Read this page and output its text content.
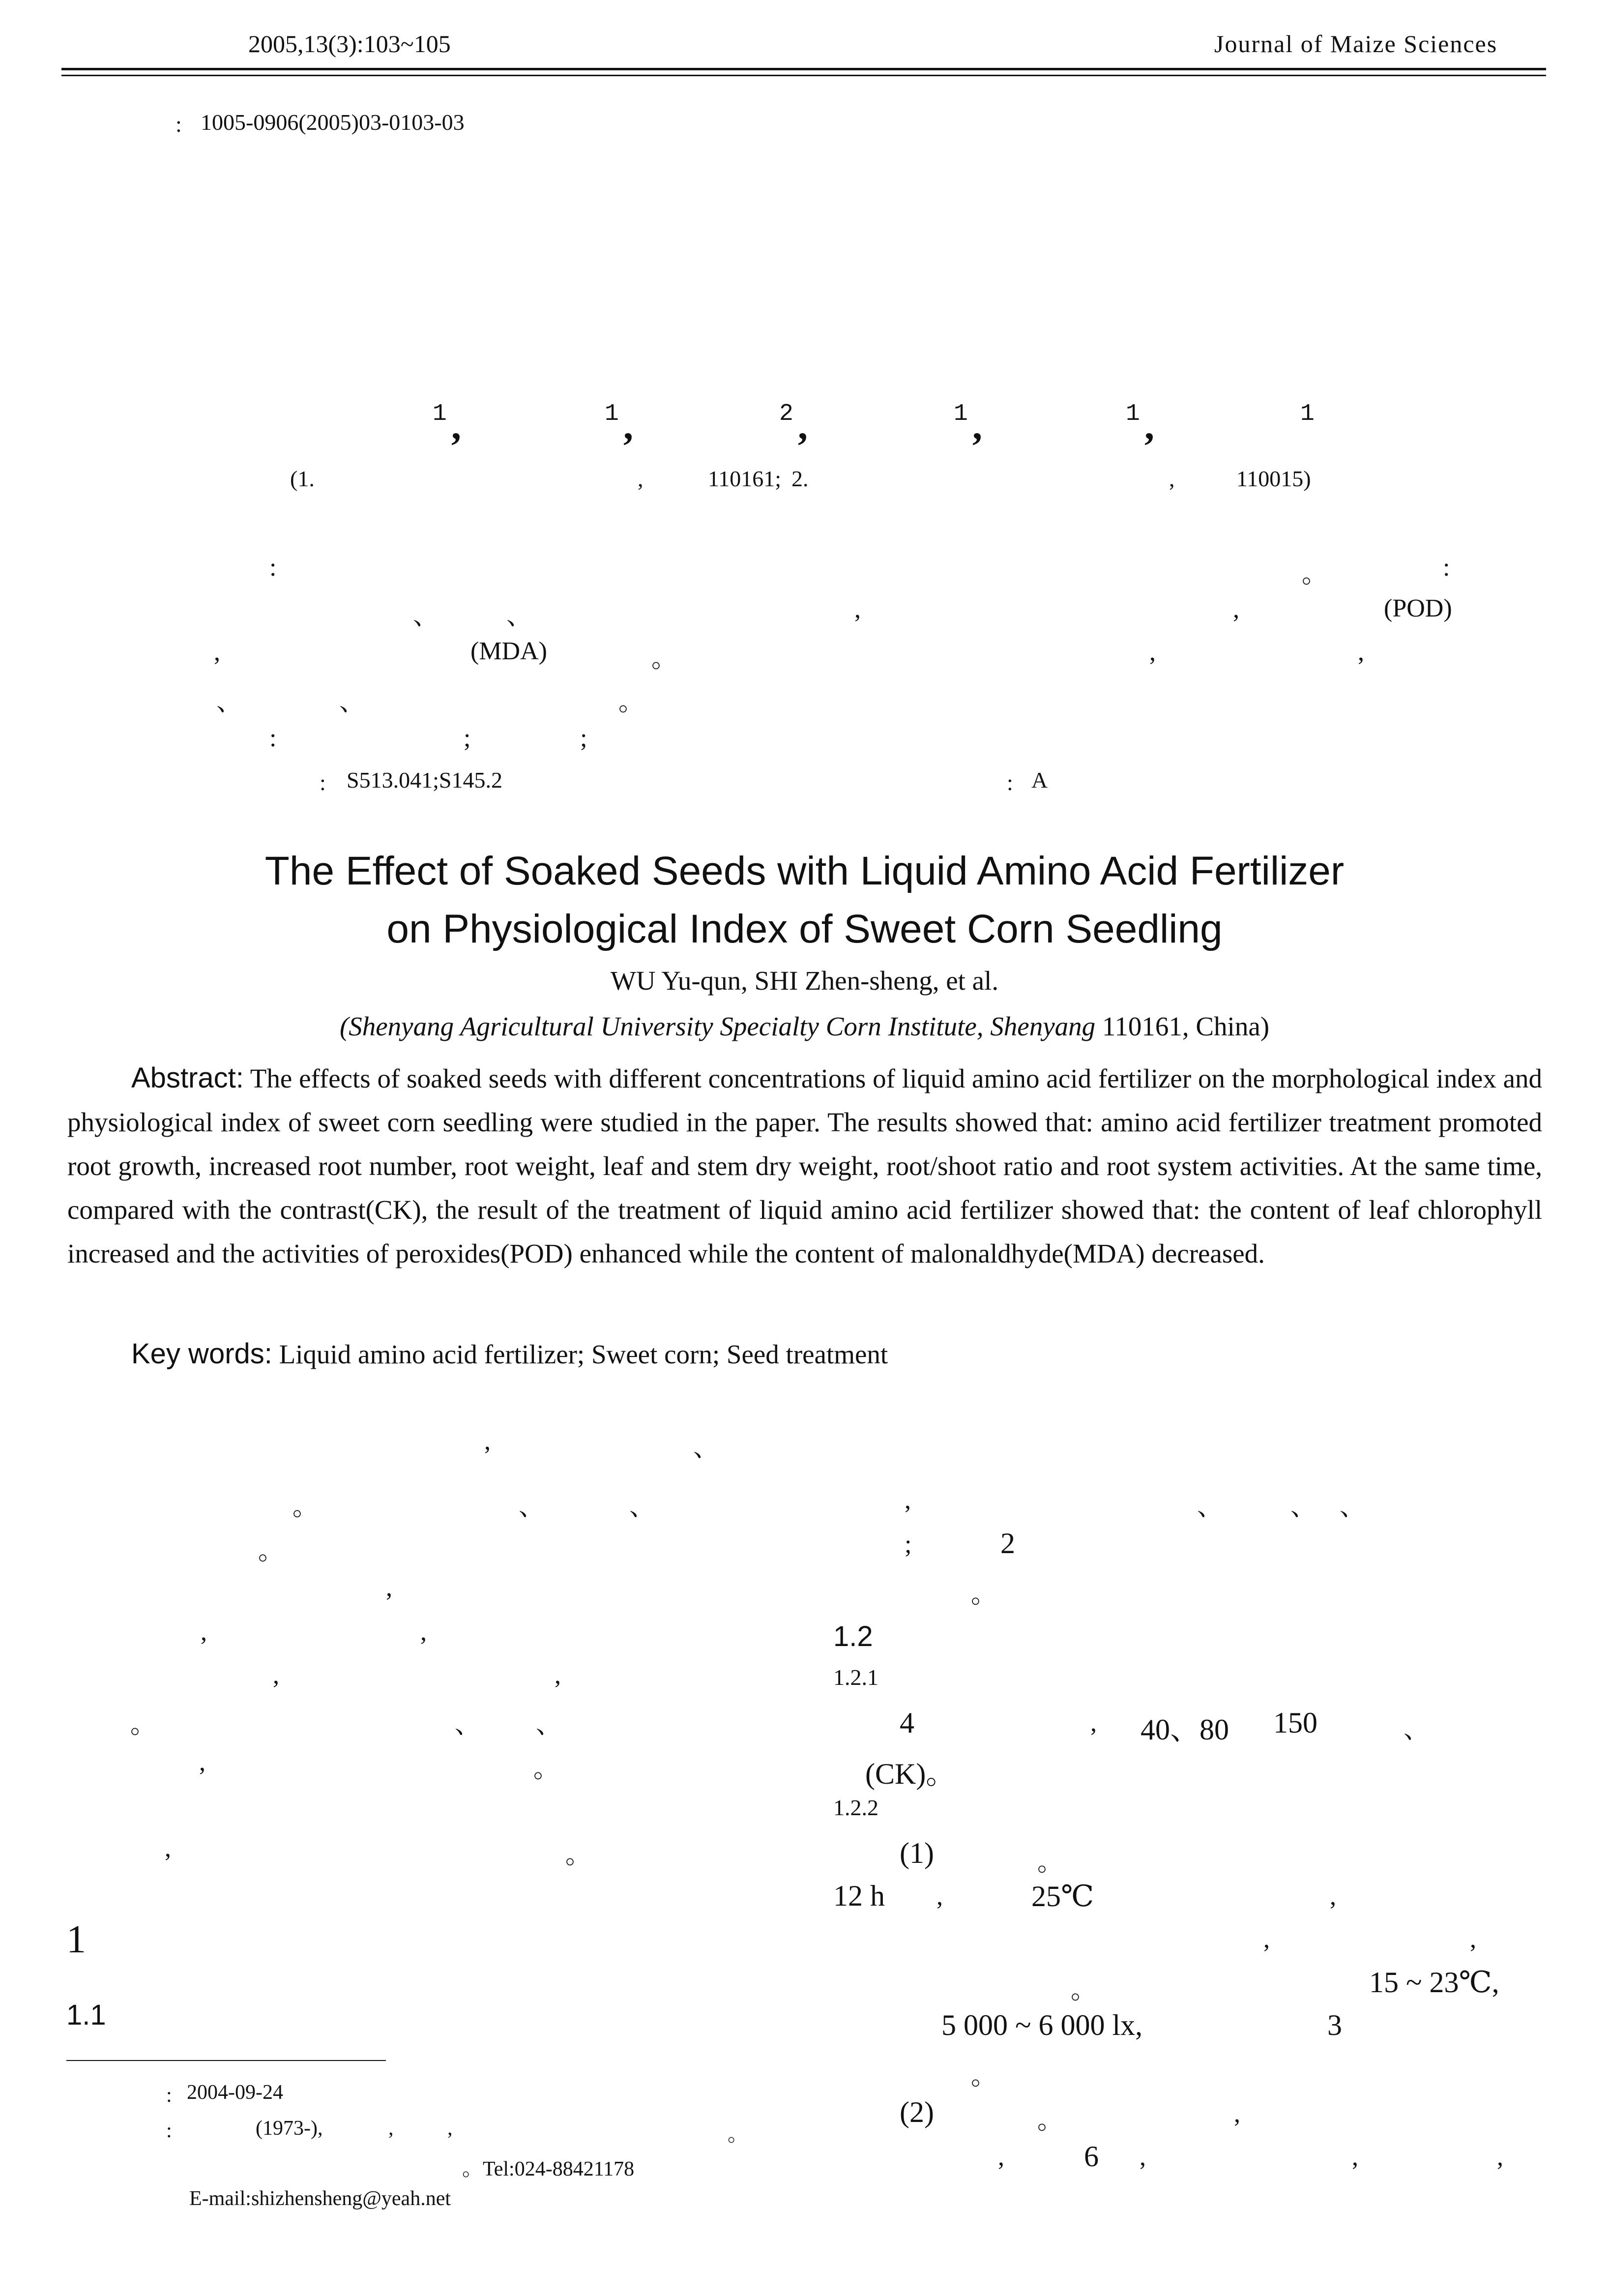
2005,13(3):103~105	Journal of Maize Sciences
: 1005-0906(2005)03-0103-03
1 ,	1 ,	2 ,	1 ,	1 ,	1
(1.	,	110161; 2.	,	110015)
:	。	:
、	、	,	,	(POD)
,	(MDA)	。	,	,
、	、	。
:	;	;
: S513.041;S145.2	: A
The Effect of Soaked Seeds with Liquid Amino Acid Fertilizer
on Physiological Index of Sweet Corn Seedling
WU Yu-qun, SHI Zhen-sheng, et al.
(Shenyang Agricultural University Specialty Corn Institute, Shenyang 110161, China)
Abstract: The effects of soaked seeds with different concentrations of liquid amino acid fertilizer on the morphological index and physiological index of sweet corn seedling were studied in the paper. The results showed that: amino acid fertilizer treatment promoted root growth, increased root number, root weight, leaf and stem dry weight, root/shoot ratio and root system activities. At the same time, compared with the contrast(CK), the result of the treatment of liquid amino acid fertilizer showed that: the content of leaf chlorophyll increased and the activities of peroxides(POD) enhanced while the content of malonaldhyde(MDA) decreased.
Key words: Liquid amino acid fertilizer; Sweet corn; Seed treatment
,	、
。	、	、
。
,
,	,
,	,
。	、 、
,	。
,	。
1
1.1
: 2004-09-24
:	(1973-),	,	,	。
。Tel:024-88421178
E-mail:shizhensheng@yeah.net
,	、	、 、
;	2
。
1.2
1.2.1
4	, 40、80 150	、
(CK)。
1.2.2
(1)	。
12 h ,	25℃	,
,	,
。	15 ~ 23℃,
5 000 ~ 6 000 lx,	3
。
(2)	。	,
,	6 ,	,	,
